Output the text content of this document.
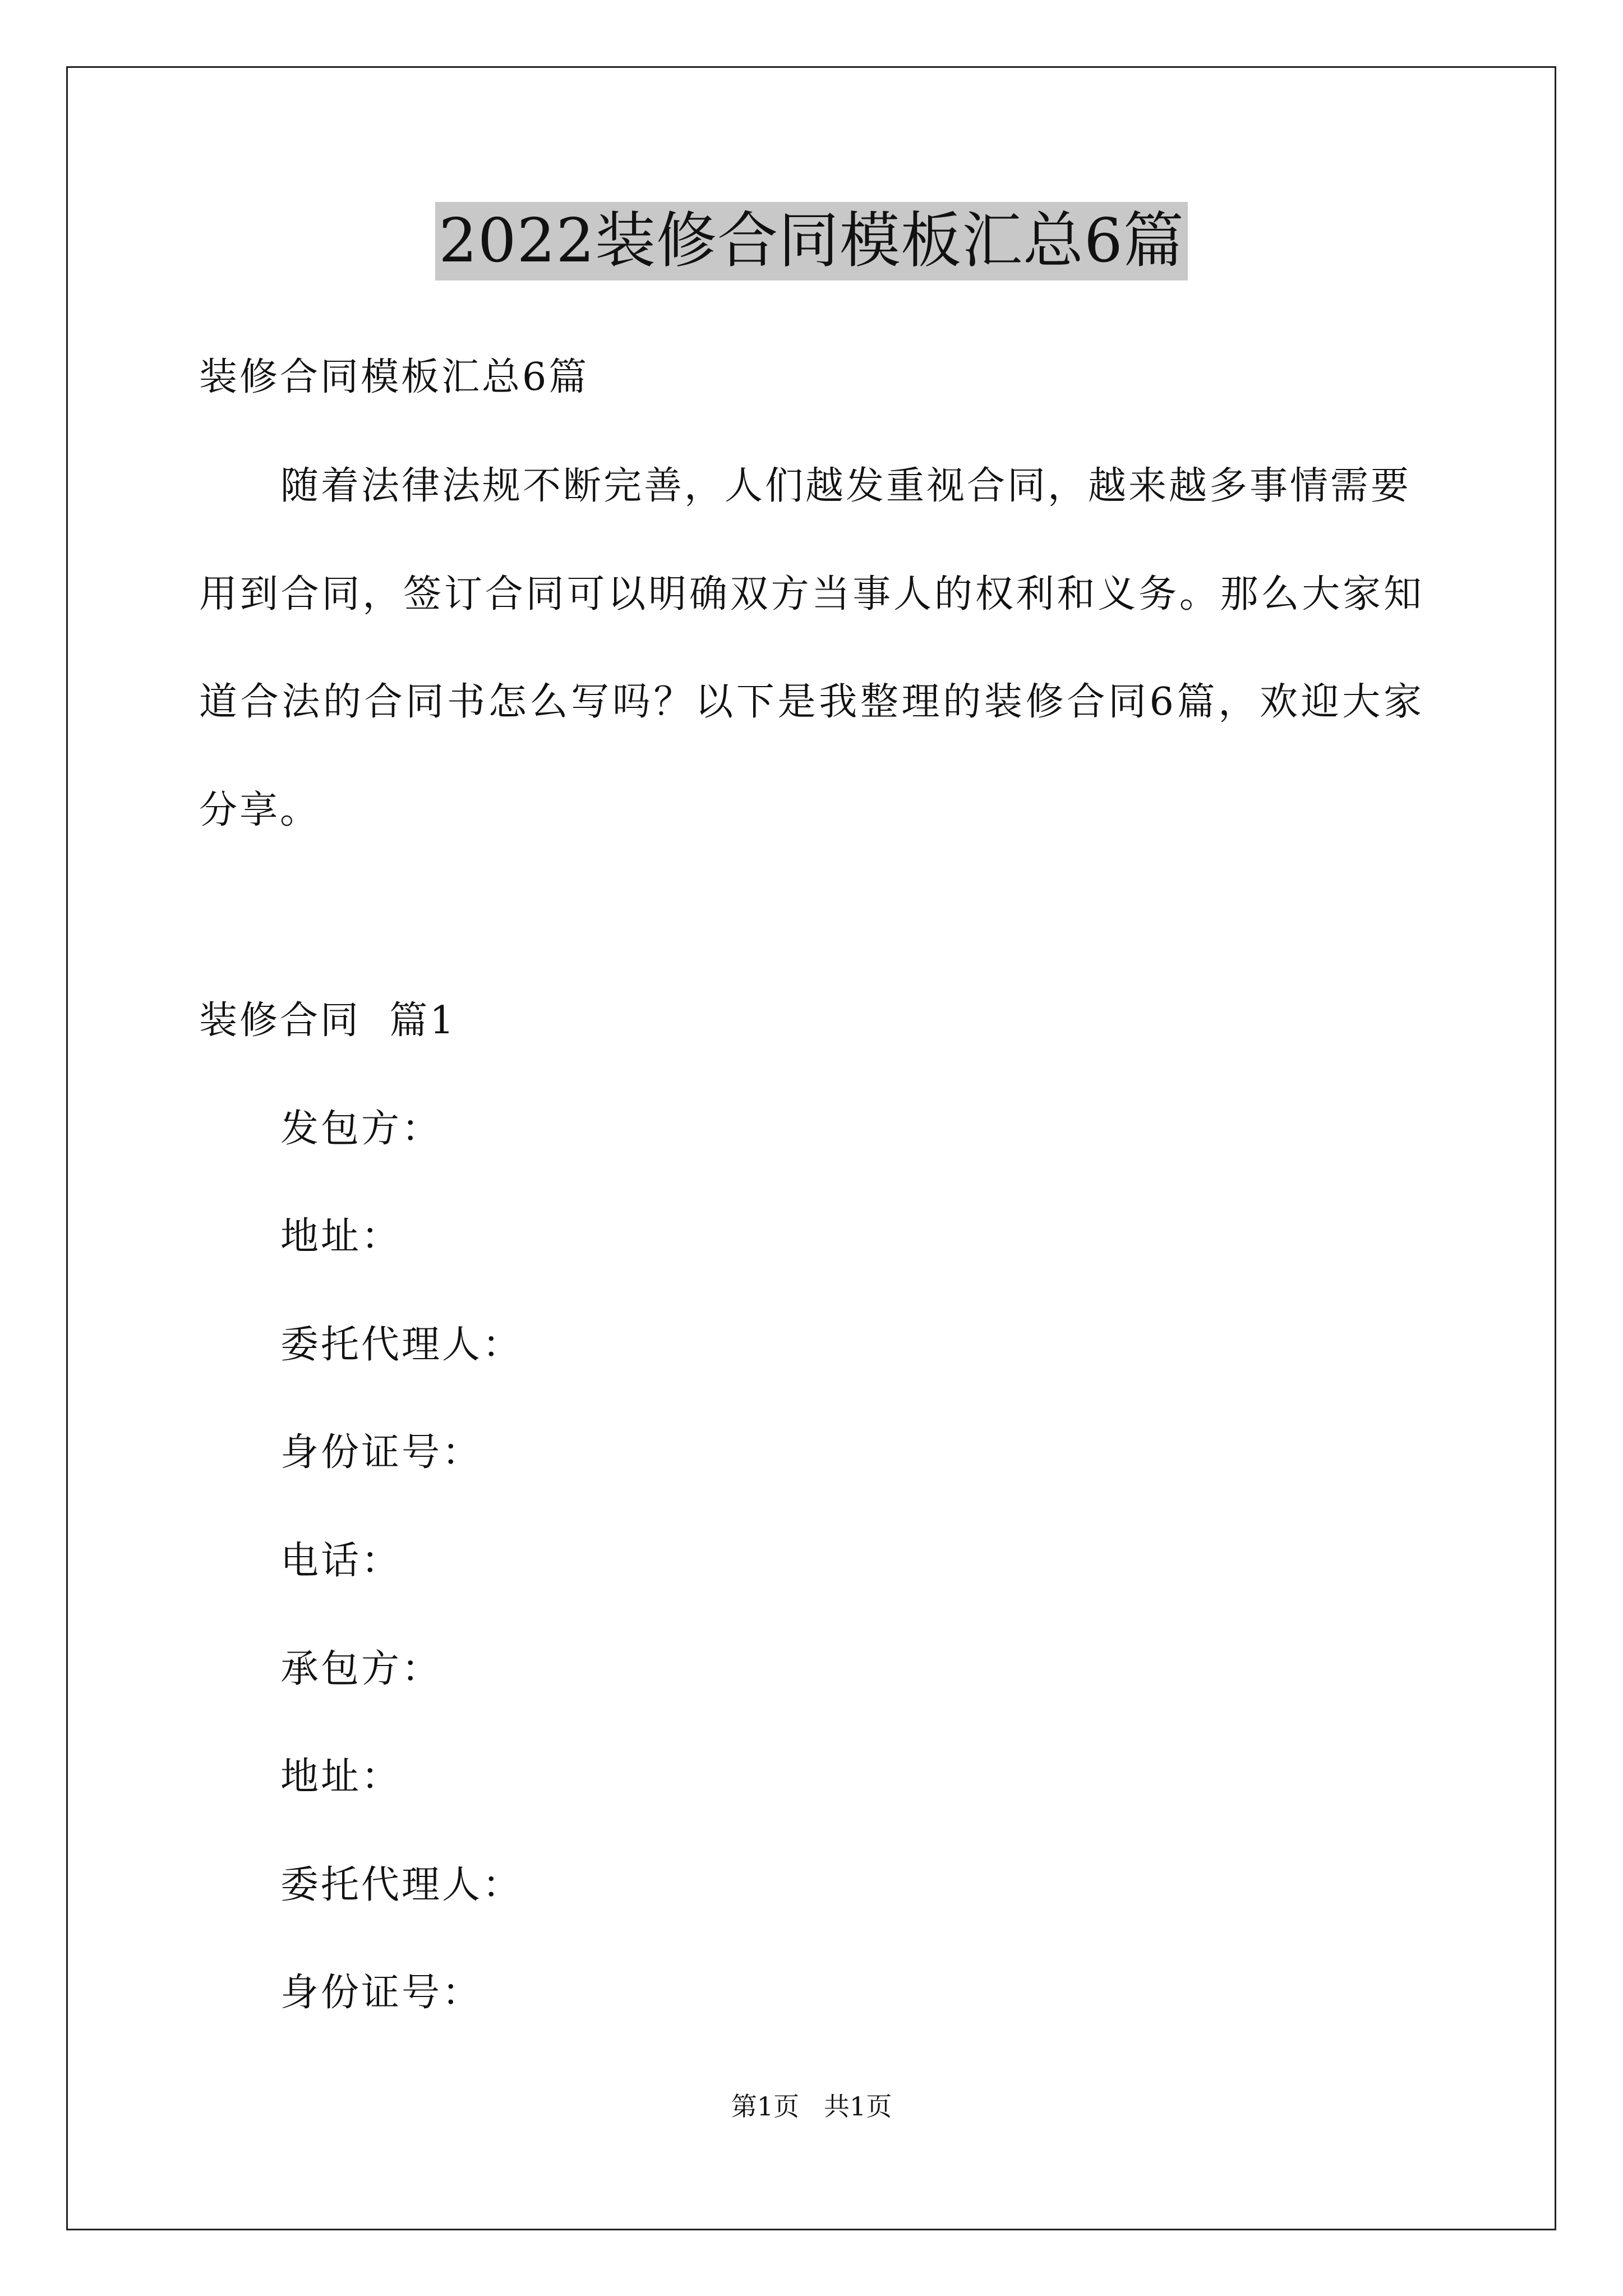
2022装修合同模板汇总6篇
装修合同模板汇总6篇
随着法律法规不断完善，人们越发重视合同，越来越多事情需要
用到合同，签订合同可以明确双方当事人的权利和义务。那么大家知
道合法的合同书怎么写吗？以下是我整理的装修合同6篇，欢迎大家
分享。
装修合同  篇1
发包方：
地址：
委托代理人：
身份证号：
电话：
承包方：
地址：
委托代理人：
身份证号：
第1页   共1页
